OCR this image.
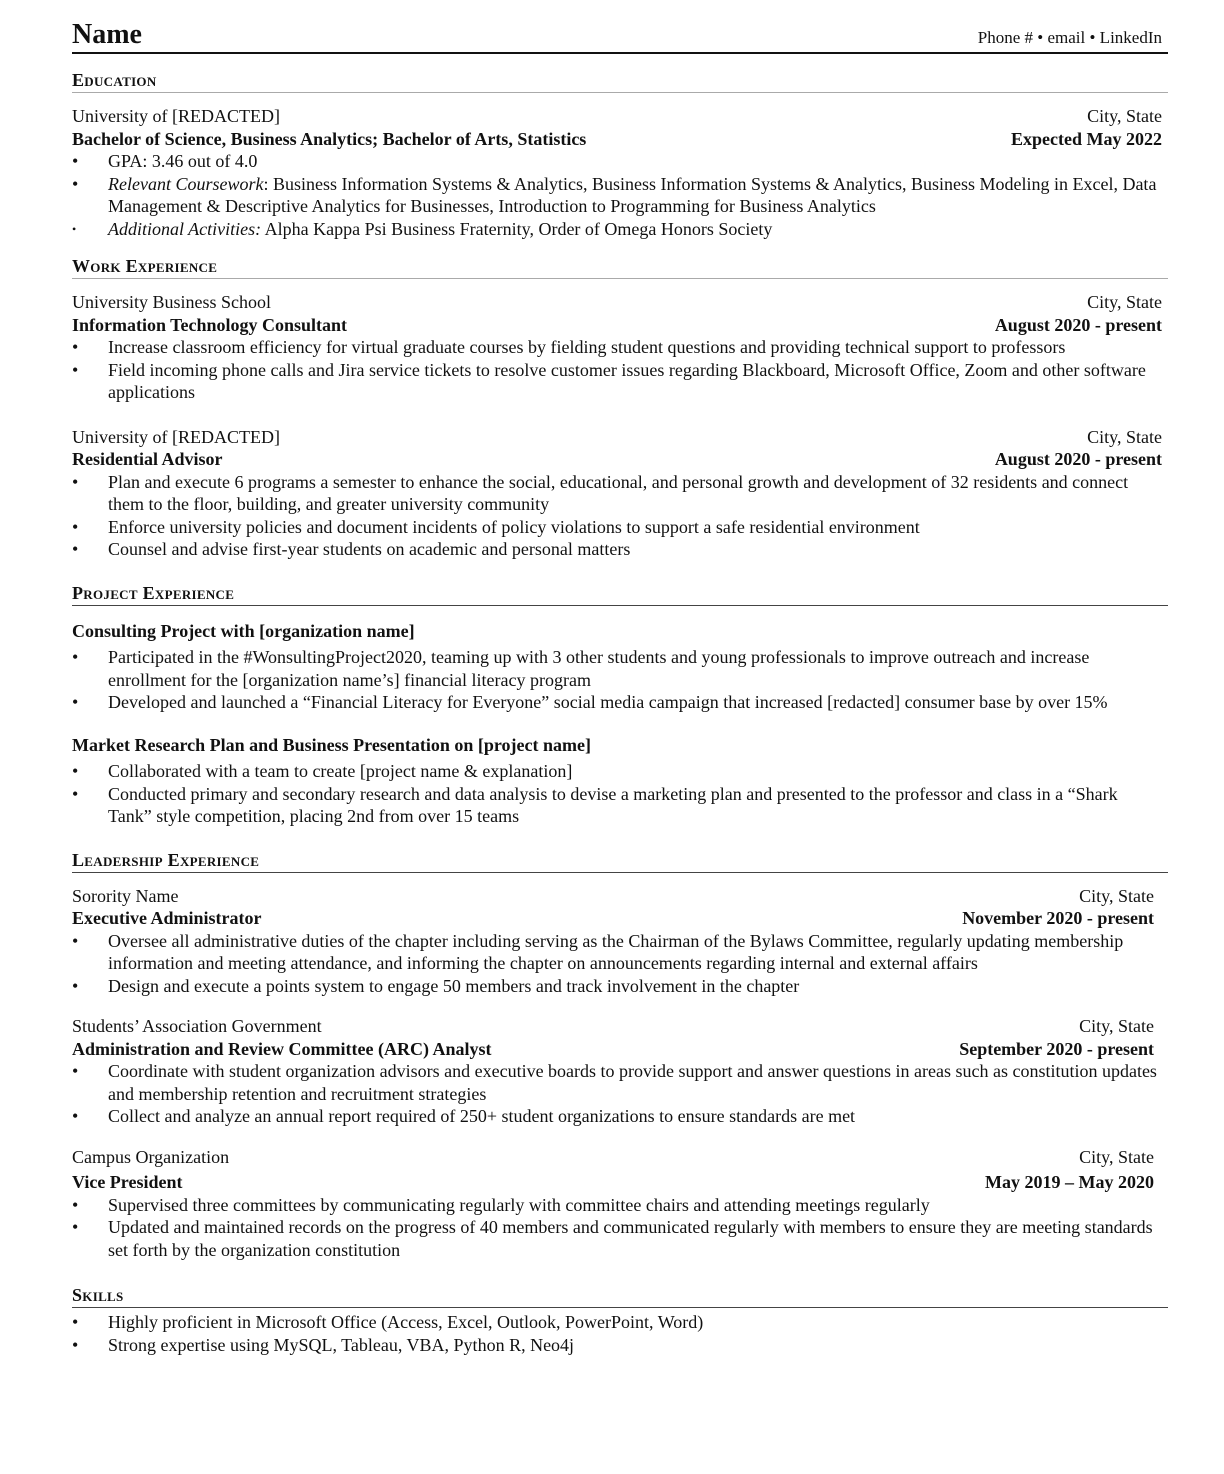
Name	Phone # • email • LinkedIn
Education
University of [REDACTED]	City, State
Bachelor of Science, Business Analytics; Bachelor of Arts, Statistics	Expected May 2022
• GPA: 3.46 out of 4.0
• Relevant Coursework: Business Information Systems & Analytics, Business Information Systems & Analytics, Business Modeling in Excel, Data Management & Descriptive Analytics for Businesses, Introduction to Programming for Business Analytics
• Additional Activities: Alpha Kappa Psi Business Fraternity, Order of Omega Honors Society
Work Experience
University Business School	City, State
Information Technology Consultant	August 2020 - present
• Increase classroom efficiency for virtual graduate courses by fielding student questions and providing technical support to professors
• Field incoming phone calls and Jira service tickets to resolve customer issues regarding Blackboard, Microsoft Office, Zoom and other software applications
University of [REDACTED]	City, State
Residential Advisor	August 2020 - present
• Plan and execute 6 programs a semester to enhance the social, educational, and personal growth and development of 32 residents and connect them to the floor, building, and greater university community
• Enforce university policies and document incidents of policy violations to support a safe residential environment
• Counsel and advise first-year students on academic and personal matters
Project Experience
Consulting Project with [organization name]
• Participated in the #WonsultingProject2020, teaming up with 3 other students and young professionals to improve outreach and increase enrollment for the [organization name’s] financial literacy program
• Developed and launched a “Financial Literacy for Everyone” social media campaign that increased [redacted] consumer base by over 15%
Market Research Plan and Business Presentation on [project name]
• Collaborated with a team to create [project name & explanation]
• Conducted primary and secondary research and data analysis to devise a marketing plan and presented to the professor and class in a “Shark Tank” style competition, placing 2nd from over 15 teams
Leadership Experience
Sorority Name	City, State
Executive Administrator	November 2020 - present
• Oversee all administrative duties of the chapter including serving as the Chairman of the Bylaws Committee, regularly updating membership information and meeting attendance, and informing the chapter on announcements regarding internal and external affairs
• Design and execute a points system to engage 50 members and track involvement in the chapter
Students’ Association Government	City, State
Administration and Review Committee (ARC) Analyst	September 2020 - present
• Coordinate with student organization advisors and executive boards to provide support and answer questions in areas such as constitution updates and membership retention and recruitment strategies
• Collect and analyze an annual report required of 250+ student organizations to ensure standards are met
Campus Organization	City, State
Vice President	May 2019 – May 2020
• Supervised three committees by communicating regularly with committee chairs and attending meetings regularly
• Updated and maintained records on the progress of 40 members and communicated regularly with members to ensure they are meeting standards set forth by the organization constitution
Skills
• Highly proficient in Microsoft Office (Access, Excel, Outlook, PowerPoint, Word)
• Strong expertise using MySQL, Tableau, VBA, Python R, Neo4j
